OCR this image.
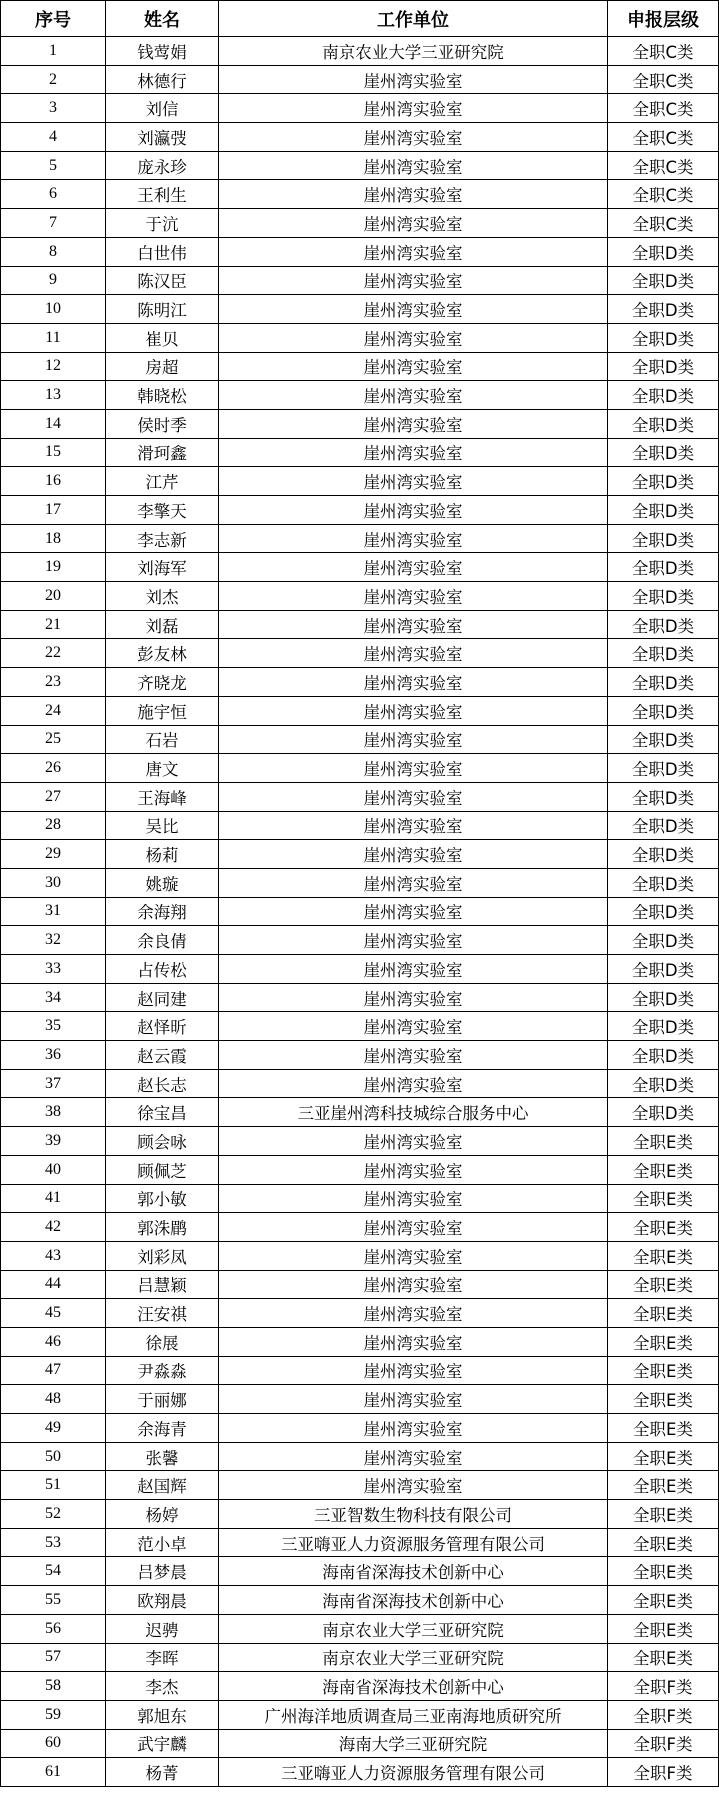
序号	姓名	工作单位	申报层级
1	钱莺娟	南京农业大学三亚研究院	全职C类
2	林德行	崖州湾实验室	全职C类
3	刘信	崖州湾实验室	全职C类
4	刘瀛弢	崖州湾实验室	全职C类
5	庞永珍	崖州湾实验室	全职C类
6	王利生	崖州湾实验室	全职C类
7	于沆	崖州湾实验室	全职C类
8	白世伟	崖州湾实验室	全职D类
9	陈汉臣	崖州湾实验室	全职D类
10	陈明江	崖州湾实验室	全职D类
11	崔贝	崖州湾实验室	全职D类
12	房超	崖州湾实验室	全职D类
13	韩晓松	崖州湾实验室	全职D类
14	侯时季	崖州湾实验室	全职D类
15	滑珂鑫	崖州湾实验室	全职D类
16	江芹	崖州湾实验室	全职D类
17	李擎天	崖州湾实验室	全职D类
18	李志新	崖州湾实验室	全职D类
19	刘海军	崖州湾实验室	全职D类
20	刘杰	崖州湾实验室	全职D类
21	刘磊	崖州湾实验室	全职D类
22	彭友林	崖州湾实验室	全职D类
23	齐晓龙	崖州湾实验室	全职D类
24	施宇恒	崖州湾实验室	全职D类
25	石岩	崖州湾实验室	全职D类
26	唐文	崖州湾实验室	全职D类
27	王海峰	崖州湾实验室	全职D类
28	吴比	崖州湾实验室	全职D类
29	杨莉	崖州湾实验室	全职D类
30	姚璇	崖州湾实验室	全职D类
31	余海翔	崖州湾实验室	全职D类
32	余良倩	崖州湾实验室	全职D类
33	占传松	崖州湾实验室	全职D类
34	赵同建	崖州湾实验室	全职D类
35	赵怿昕	崖州湾实验室	全职D类
36	赵云霞	崖州湾实验室	全职D类
37	赵长志	崖州湾实验室	全职D类
38	徐宝昌	三亚崖州湾科技城综合服务中心	全职D类
39	顾会咏	崖州湾实验室	全职E类
40	顾佩芝	崖州湾实验室	全职E类
41	郭小敏	崖州湾实验室	全职E类
42	郭洙鹛	崖州湾实验室	全职E类
43	刘彩凤	崖州湾实验室	全职E类
44	吕慧颖	崖州湾实验室	全职E类
45	汪安祺	崖州湾实验室	全职E类
46	徐展	崖州湾实验室	全职E类
47	尹淼淼	崖州湾实验室	全职E类
48	于丽娜	崖州湾实验室	全职E类
49	余海青	崖州湾实验室	全职E类
50	张馨	崖州湾实验室	全职E类
51	赵国辉	崖州湾实验室	全职E类
52	杨婷	三亚智数生物科技有限公司	全职E类
53	范小卓	三亚嗨亚人力资源服务管理有限公司	全职E类
54	吕梦晨	海南省深海技术创新中心	全职E类
55	欧翔晨	海南省深海技术创新中心	全职E类
56	迟骋	南京农业大学三亚研究院	全职E类
57	李晖	南京农业大学三亚研究院	全职E类
58	李杰	海南省深海技术创新中心	全职F类
59	郭旭东	广州海洋地质调查局三亚南海地质研究所	全职F类
60	武宇麟	海南大学三亚研究院	全职F类
61	杨菁	三亚嗨亚人力资源服务管理有限公司	全职F类
